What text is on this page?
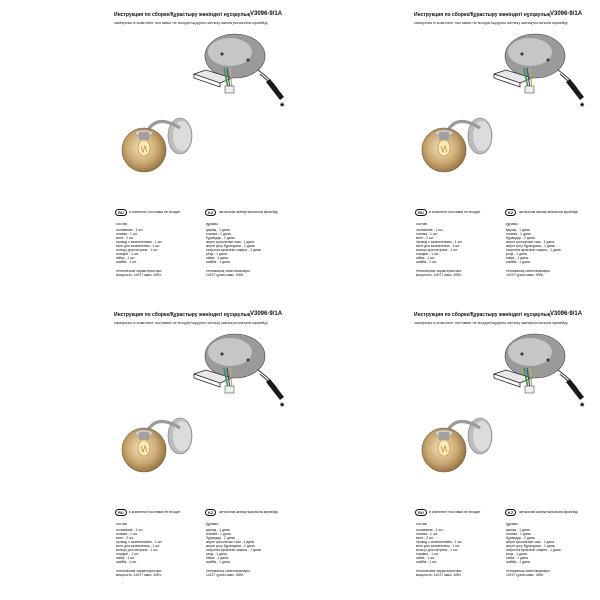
Инструкция по сборке/Құрастыру жөніндегі нұсқаулық V3096-9/1A
саморезы в комплект поставки не входят/шурупы жеткізу жинақтылығына кірмейді
*
RU	в комплект поставки не входит	KZ	жеткізілім жинақтылығына кірмейді
состав:
основание - 1 шт.
планка - 1 шт.
винт - 2 шт.
провод с заземлением - 1 шт.
винт для заземления - 1 шт.
кольцо для патрона - 1 шт.
плафон - 1 шт.
гайка - 1 шт.
шайба - 1 шт.
технические характеристики:
мощность: 1xE27 макс. 40Вт.
құрамы:
қақпақ - 1 дана.
планка - 1 дана.
бұрандар - 2 дана.
жерге қосылатын сым - 1 дана.
жерге қосу бұрандасы - 1 дана.
патронға арналған сақина - 1 дана.
реңк - 1 дана.
гайка - 1 дана.
шайба - 1 дана.
техникалық сипаттамалары:
1xE27 қуаты макс. 40Вт.
Инструкция по сборке/Құрастыру жөніндегі нұсқаулық V3096-9/1A
саморезы в комплект поставки не входят/шурупы жеткізу жинақтылығына кірмейді
*
RU	в комплект поставки не входит	KZ	жеткізілім жинақтылығына кірмейді
состав:
основание - 1 шт.
планка - 1 шт.
винт - 2 шт.
провод с заземлением - 1 шт.
винт для заземления - 1 шт.
кольцо для патрона - 1 шт.
плафон - 1 шт.
гайка - 1 шт.
шайба - 1 шт.
технические характеристики:
мощность: 1xE27 макс. 40Вт.
құрамы:
қақпақ - 1 дана.
планка - 1 дана.
бұрандар - 2 дана.
жерге қосылатын сым - 1 дана.
жерге қосу бұрандасы - 1 дана.
патронға арналған сақина - 1 дана.
реңк - 1 дана.
гайка - 1 дана.
шайба - 1 дана.
техникалық сипаттамалары:
1xE27 қуаты макс. 40Вт.
Инструкция по сборке/Құрастыру жөніндегі нұсқаулық V3096-9/1A
саморезы в комплект поставки не входят/шурупы жеткізу жинақтылығына кірмейді
*
RU	в комплект поставки не входит	KZ	жеткізілім жинақтылығына кірмейді
состав:
основание - 1 шт.
планка - 1 шт.
винт - 2 шт.
провод с заземлением - 1 шт.
винт для заземления - 1 шт.
кольцо для патрона - 1 шт.
плафон - 1 шт.
гайка - 1 шт.
шайба - 1 шт.
технические характеристики:
мощность: 1xE27 макс. 40Вт.
құрамы:
қақпақ - 1 дана.
планка - 1 дана.
бұрандар - 2 дана.
жерге қосылатын сым - 1 дана.
жерге қосу бұрандасы - 1 дана.
патронға арналған сақина - 1 дана.
реңк - 1 дана.
гайка - 1 дана.
шайба - 1 дана.
техникалық сипаттамалары:
1xE27 қуаты макс. 40Вт.
Инструкция по сборке/Құрастыру жөніндегі нұсқаулық V3096-9/1A
саморезы в комплект поставки не входят/шурупы жеткізу жинақтылығына кірмейді
*
RU	в комплект поставки не входит	KZ	жеткізілім жинақтылығына кірмейді
состав:
основание - 1 шт.
планка - 1 шт.
винт - 2 шт.
провод с заземлением - 1 шт.
винт для заземления - 1 шт.
кольцо для патрона - 1 шт.
плафон - 1 шт.
гайка - 1 шт.
шайба - 1 шт.
технические характеристики:
мощность: 1xE27 макс. 40Вт.
құрамы:
қақпақ - 1 дана.
планка - 1 дана.
бұрандар - 2 дана.
жерге қосылатын сым - 1 дана.
жерге қосу бұрандасы - 1 дана.
патронға арналған сақина - 1 дана.
реңк - 1 дана.
гайка - 1 дана.
шайба - 1 дана.
техникалық сипаттамалары:
1xE27 қуаты макс. 40Вт.
